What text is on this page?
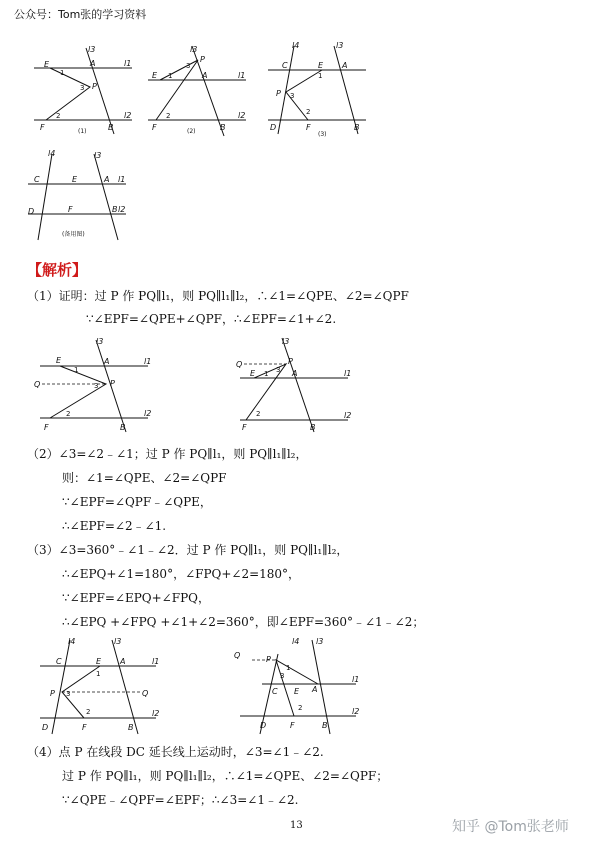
公众号：Tom张的学习资料
l3
l1
l2
E	A
P
F	B
1
3
2
(1)
l3
l1
l2
E	A
P
F	B
1
3
2
(2)
l4	l3
C	E A
P
D	F	B
1
3
2
(3)
l4	l3
l1
l2
C	E	A
D	F	B
(备用图)
【解析】
（1）证明：过 P 作 PQ∥l₁，则 PQ∥l₁∥l₂，∴∠1=∠QPE、∠2=∠QPF
∵∠EPF=∠QPE+∠QPF，∴∠EPF=∠1+∠2.
l3
l1
l2
E	A
Q	P
F	B
1
3
2
l3
l1
l2
Q	P
E	A
F	B
1 3
2
（2）∠3=∠2﹣∠1；过 P 作 PQ∥l₁，则 PQ∥l₁∥l₂，
则：∠1=∠QPE、∠2=∠QPF
∵∠EPF=∠QPF﹣∠QPE，
∴∠EPF=∠2﹣∠1.
（3）∠3=360°﹣∠1﹣∠2．过 P 作 PQ∥l₁，则 PQ∥l₁∥l₂，
∴∠EPQ+∠1=180°，∠FPQ+∠2=180°，
∵∠EPF=∠EPQ+∠FPQ，
∴∠EPQ +∠FPQ +∠1+∠2=360°，即∠EPF=360°﹣∠1﹣∠2；
l4	l3
l1
l2
C	E A
P	Q
D	F	B
1
3
2
Q	P
l4 l3
l1
l2
C E A
D	F	B
1
3
2
（4）点 P 在线段 DC 延长线上运动时，∠3=∠1﹣∠2.
过 P 作 PQ∥l₁，则 PQ∥l₁∥l₂，∴∠1=∠QPE、∠2=∠QPF；
∵∠QPE﹣∠QPF=∠EPF；∴∠3=∠1﹣∠2.
13	知乎 @Tom张老师
